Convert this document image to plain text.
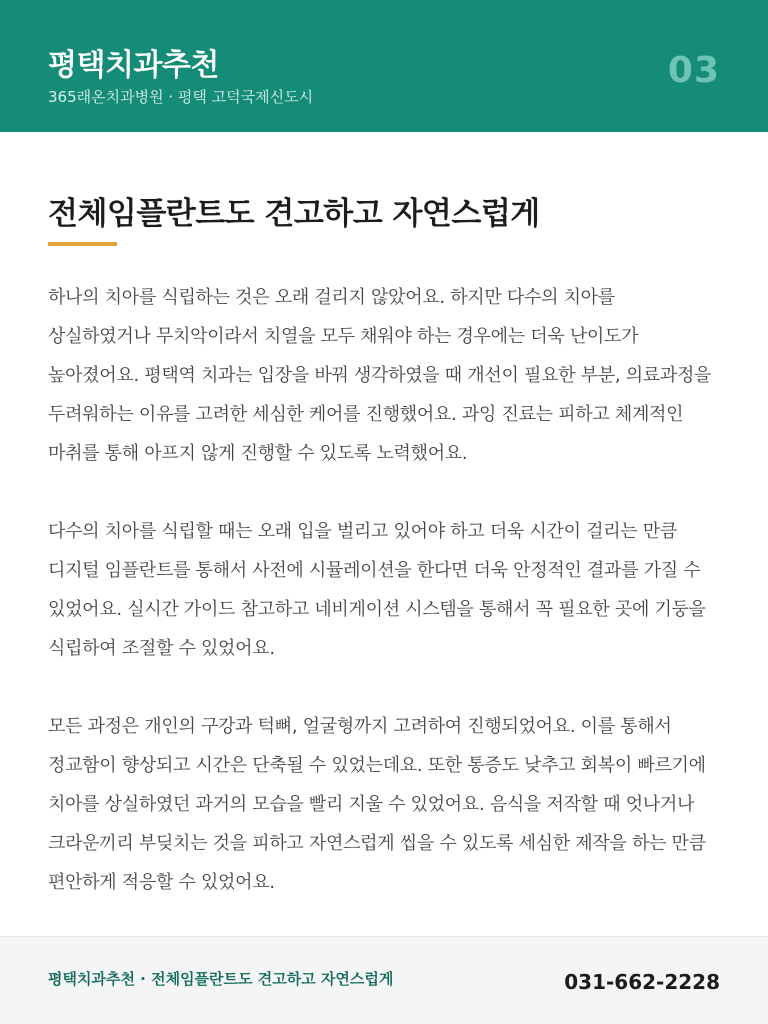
평택치과추천
365래온치과병원 · 평택 고덕국제신도시
03
전체임플란트도 견고하고 자연스럽게

하나의 치아를 식립하는 것은 오래 걸리지 않았어요. 하지만 다수의 치아를 상실하였거나 무치악이라서 치열을 모두 채워야 하는 경우에는 더욱 난이도가 높아졌어요. 평택역 치과는 입장을 바꿔 생각하였을 때 개선이 필요한 부분, 의료과정을 두려워하는 이유를 고려한 세심한 케어를 진행했어요. 과잉 진료는 피하고 체계적인 마취를 통해 아프지 않게 진행할 수 있도록 노력했어요.

다수의 치아를 식립할 때는 오래 입을 벌리고 있어야 하고 더욱 시간이 걸리는 만큼 디지털 임플란트를 통해서 사전에 시뮬레이션을 한다면 더욱 안정적인 결과를 가질 수 있었어요. 실시간 가이드 참고하고 네비게이션 시스템을 통해서 꼭 필요한 곳에 기둥을 식립하여 조절할 수 있었어요.

모든 과정은 개인의 구강과 턱뼈, 얼굴형까지 고려하여 진행되었어요. 이를 통해서 정교함이 향상되고 시간은 단축될 수 있었는데요. 또한 통증도 낮추고 회복이 빠르기에 치아를 상실하였던 과거의 모습을 빨리 지울 수 있었어요. 음식을 저작할 때 엇나거나 크라운끼리 부딪치는 것을 피하고 자연스럽게 씹을 수 있도록 세심한 제작을 하는 만큼 편안하게 적응할 수 있었어요.

평택치과추천 · 전체임플란트도 견고하고 자연스럽게	031-662-2228
